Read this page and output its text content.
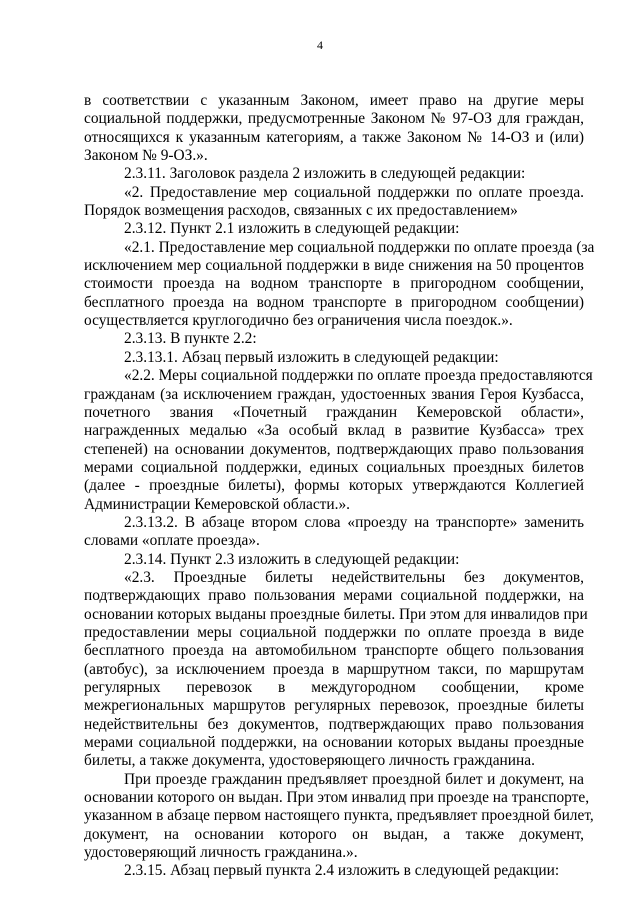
4
в соответствии с указанным Законом, имеет право на другие меры
социальной поддержки, предусмотренные Законом № 97-ОЗ для граждан,
относящихся к указанным категориям, а также Законом № 14-ОЗ и (или)
Законом № 9-ОЗ.».
2.3.11. Заголовок раздела 2 изложить в следующей редакции:
«2. Предоставление мер социальной поддержки по оплате проезда.
Порядок возмещения расходов, связанных с их предоставлением»
2.3.12. Пункт 2.1 изложить в следующей редакции:
«2.1. Предоставление мер социальной поддержки по оплате проезда (за
исключением мер социальной поддержки в виде снижения на 50 процентов
стоимости проезда на водном транспорте в пригородном сообщении,
бесплатного проезда на водном транспорте в пригородном сообщении)
осуществляется круглогодично без ограничения числа поездок.».
2.3.13. В пункте 2.2:
2.3.13.1. Абзац первый изложить в следующей редакции:
«2.2. Меры социальной поддержки по оплате проезда предоставляются
гражданам (за исключением граждан, удостоенных звания Героя Кузбасса,
почетного звания «Почетный гражданин Кемеровской области»,
награжденных медалью «За особый вклад в развитие Кузбасса» трех
степеней) на основании документов, подтверждающих право пользования
мерами социальной поддержки, единых социальных проездных билетов
(далее - проездные билеты), формы которых утверждаются Коллегией
Администрации Кемеровской области.».
2.3.13.2. В абзаце втором слова «проезду на транспорте» заменить
словами «оплате проезда».
2.3.14. Пункт 2.3 изложить в следующей редакции:
«2.3. Проездные билеты недействительны без документов,
подтверждающих право пользования мерами социальной поддержки, на
основании которых выданы проездные билеты. При этом для инвалидов при
предоставлении меры социальной поддержки по оплате проезда в виде
бесплатного проезда на автомобильном транспорте общего пользования
(автобус), за исключением проезда в маршрутном такси, по маршрутам
регулярных перевозок в междугородном сообщении, кроме
межрегиональных маршрутов регулярных перевозок, проездные билеты
недействительны без документов, подтверждающих право пользования
мерами социальной поддержки, на основании которых выданы проездные
билеты, а также документа, удостоверяющего личность гражданина.
При проезде гражданин предъявляет проездной билет и документ, на
основании которого он выдан. При этом инвалид при проезде на транспорте,
указанном в абзаце первом настоящего пункта, предъявляет проездной билет,
документ, на основании которого он выдан, а также документ,
удостоверяющий личность гражданина.».
2.3.15. Абзац первый пункта 2.4 изложить в следующей редакции:
